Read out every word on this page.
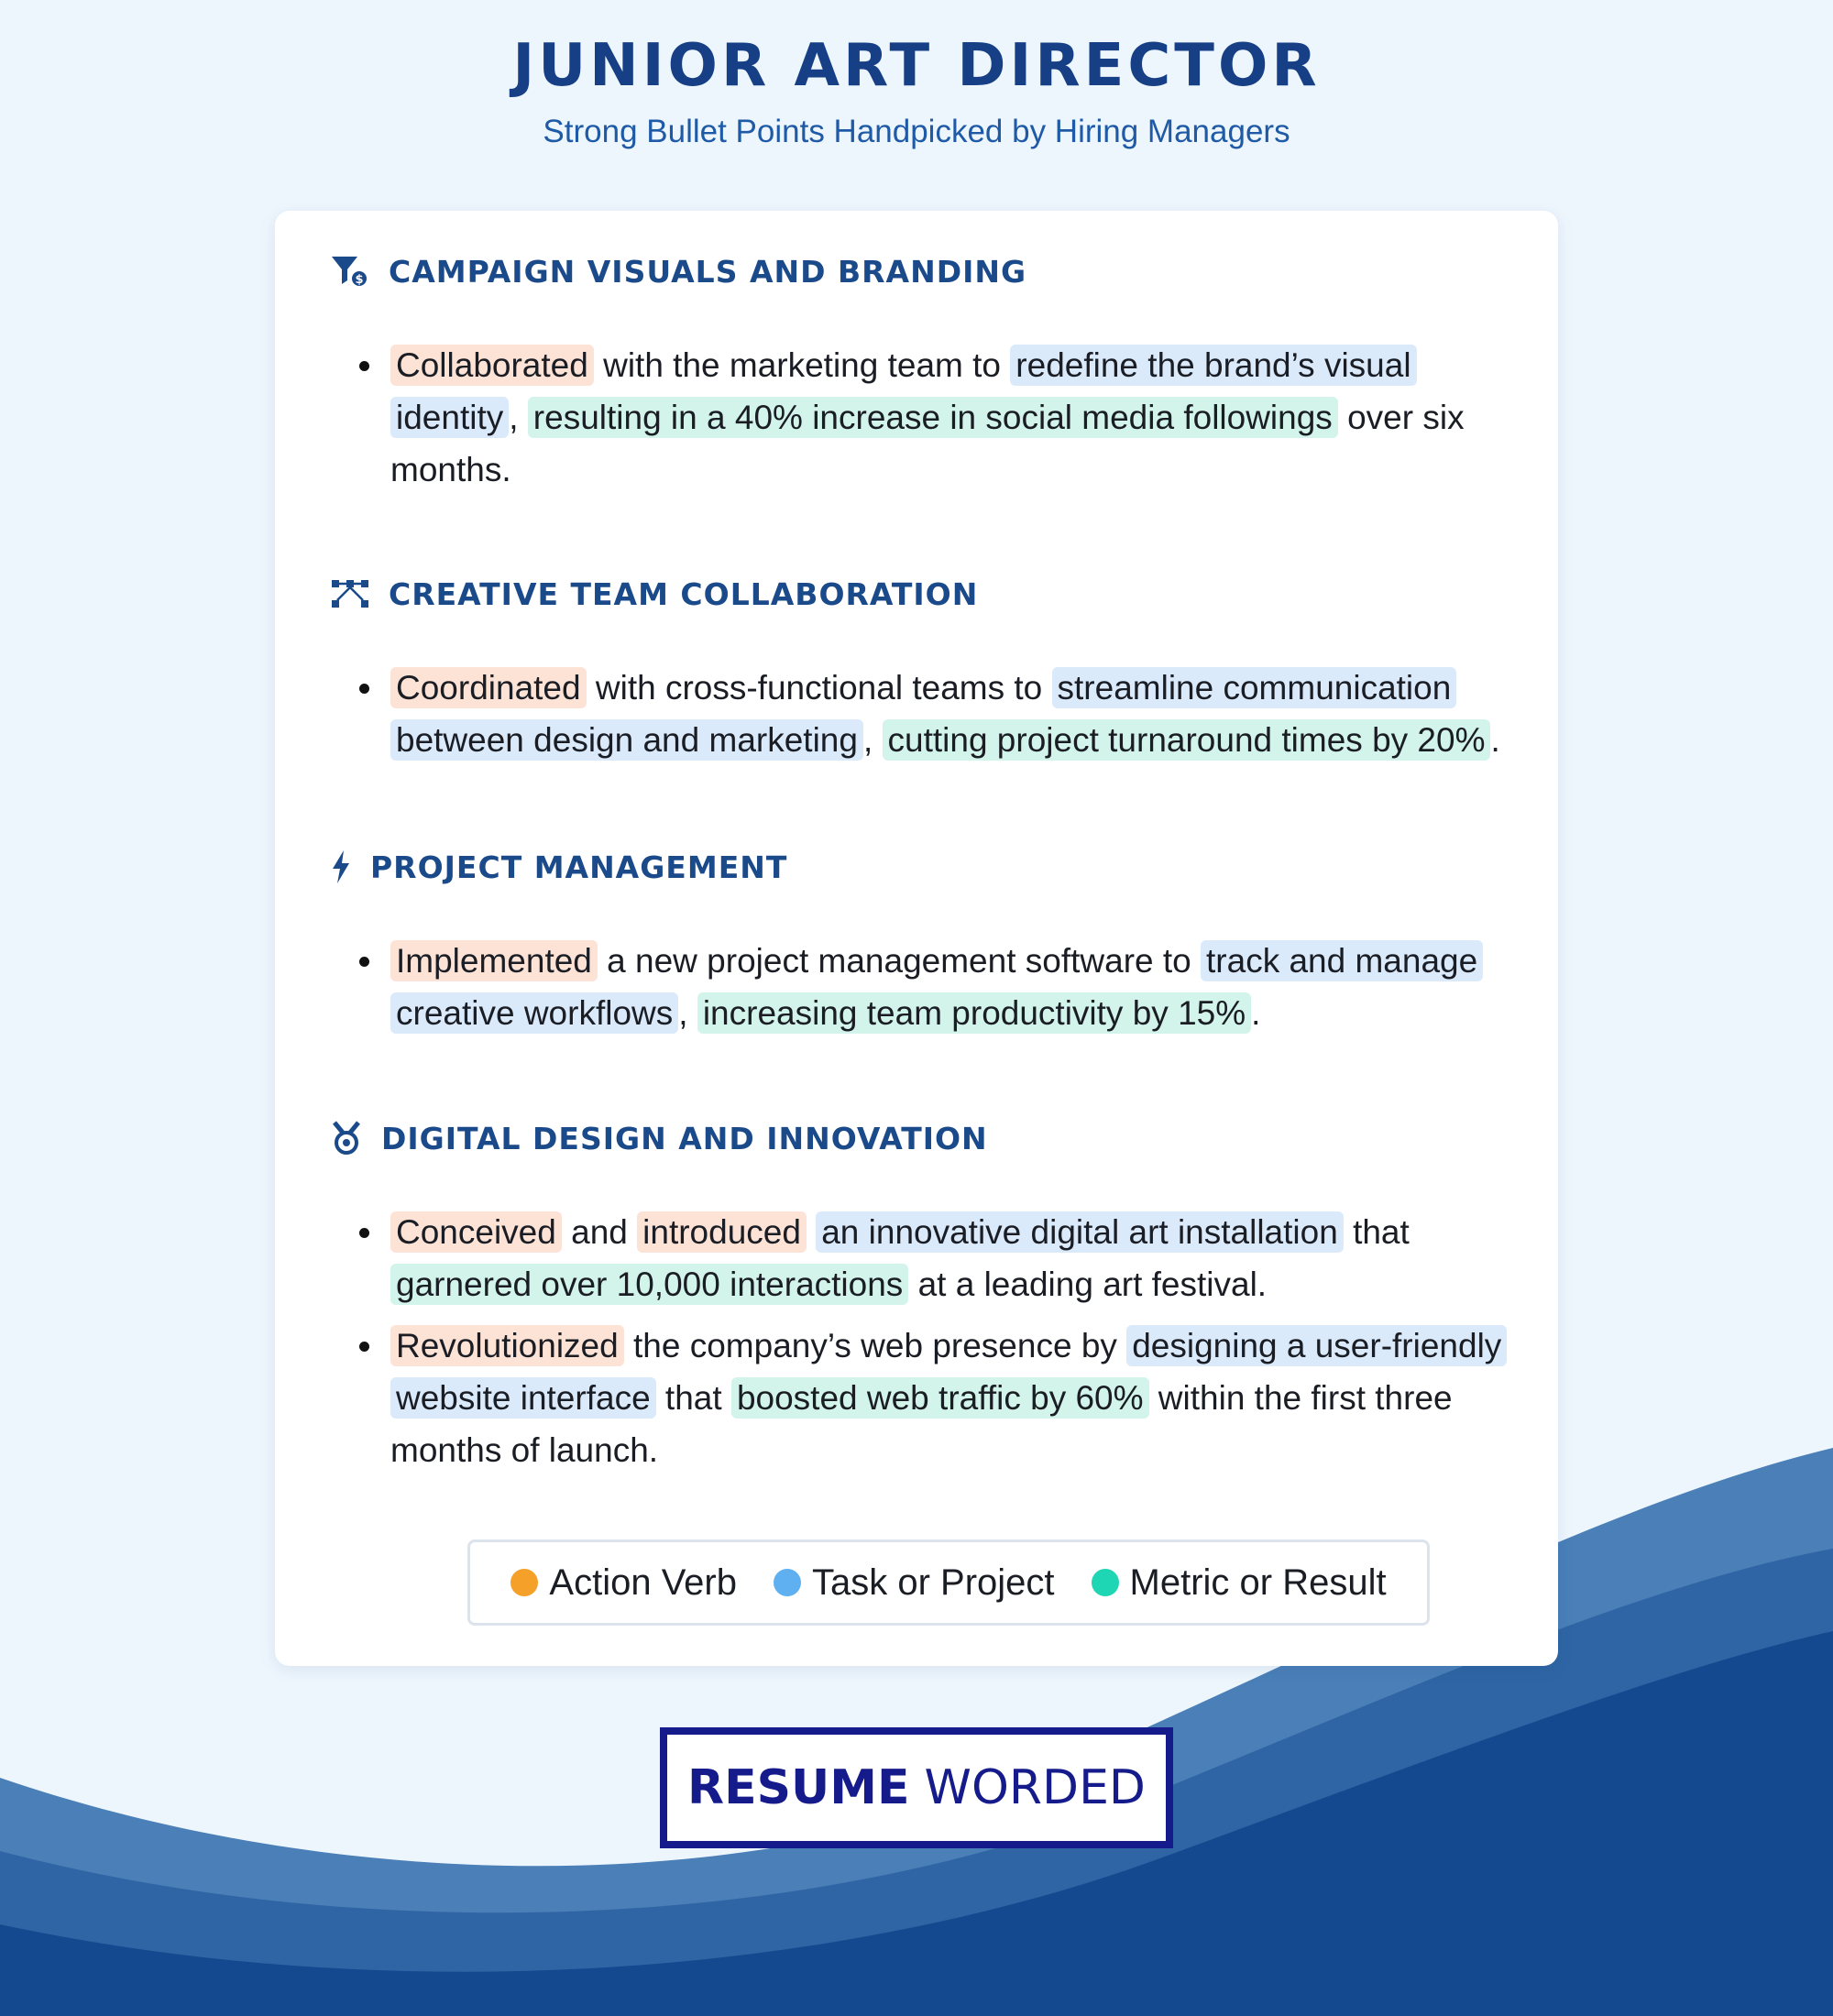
JUNIOR ART DIRECTOR
Strong Bullet Points Handpicked by Hiring Managers
$ CAMPAIGN VISUALS AND BRANDING
Collaborated with the marketing team to redefine the brand’s visual identity , resulting in a 40% increase in social media followings over six months.
CREATIVE TEAM COLLABORATION
Coordinated with cross-functional teams to streamline communication between design and marketing , cutting project turnaround times by 20% .
PROJECT MANAGEMENT
Implemented a new project management software to track and manage creative workflows , increasing team productivity by 15% .
DIGITAL DESIGN AND INNOVATION
Conceived and introduced an innovative digital art installation that garnered over 10,000 interactions at a leading art festival.
Revolutionized the company’s web presence by designing a user-friendly website interface that boosted web traffic by 60% within the first three months of launch.
Action Verb Task or Project Metric or Result
RESUME WORDED
